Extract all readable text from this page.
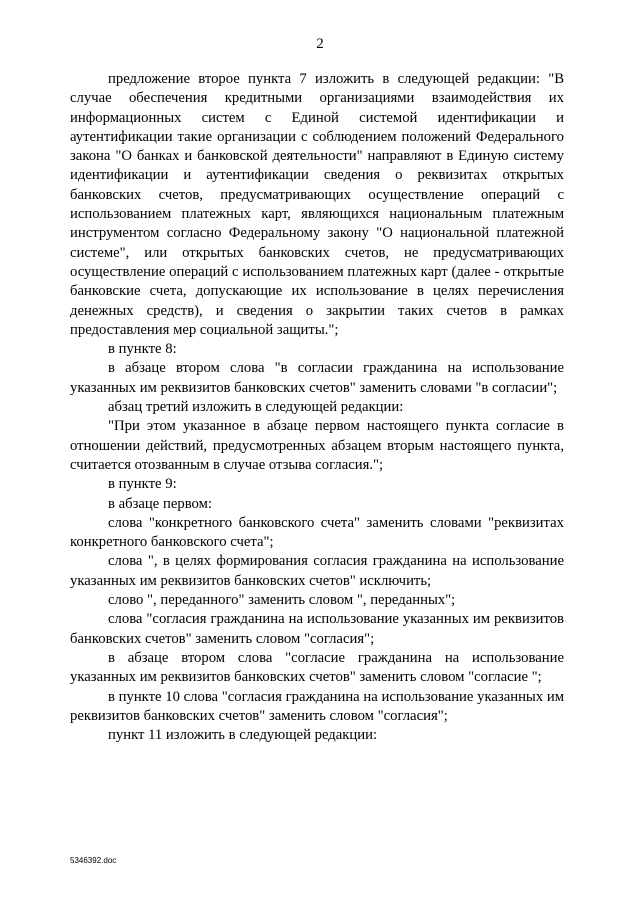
2

предложение второе пункта 7 изложить в следующей редакции: "В случае обеспечения кредитными организациями взаимодействия их информационных систем с Единой системой идентификации и аутентификации такие организации с соблюдением положений Федерального закона "О банках и банковской деятельности" направляют в Единую систему идентификации и аутентификации сведения о реквизитах открытых банковских счетов, предусматривающих осуществление операций с использованием платежных карт, являющихся национальным платежным инструментом согласно Федеральному закону "О национальной платежной системе", или открытых банковских счетов, не предусматривающих осуществление операций с использованием платежных карт (далее - открытые банковские счета, допускающие их использование в целях перечисления денежных средств), и сведения о закрытии таких счетов в рамках предоставления мер социальной защиты.";

в пункте 8:

в абзаце втором слова "в согласии гражданина на использование указанных им реквизитов банковских счетов" заменить словами "в согласии";

абзац третий изложить в следующей редакции:

"При этом указанное в абзаце первом настоящего пункта согласие в отношении действий, предусмотренных абзацем вторым настоящего пункта, считается отозванным в случае отзыва согласия.";

в пункте 9:

в абзаце первом:

слова "конкретного банковского счета" заменить словами "реквизитах конкретного банковского счета";

слова ", в целях формирования согласия гражданина на использование указанных им реквизитов банковских счетов" исключить;

слово ", переданного" заменить словом ", переданных";

слова "согласия гражданина на использование указанных им реквизитов банковских счетов" заменить словом "согласия";

в абзаце втором слова "согласие гражданина на использование указанных им реквизитов банковских счетов" заменить словом "согласие ";

в пункте 10 слова "согласия гражданина на использование указанных им реквизитов банковских счетов" заменить словом "согласия";

пункт 11 изложить в следующей редакции:

5346392.doc
